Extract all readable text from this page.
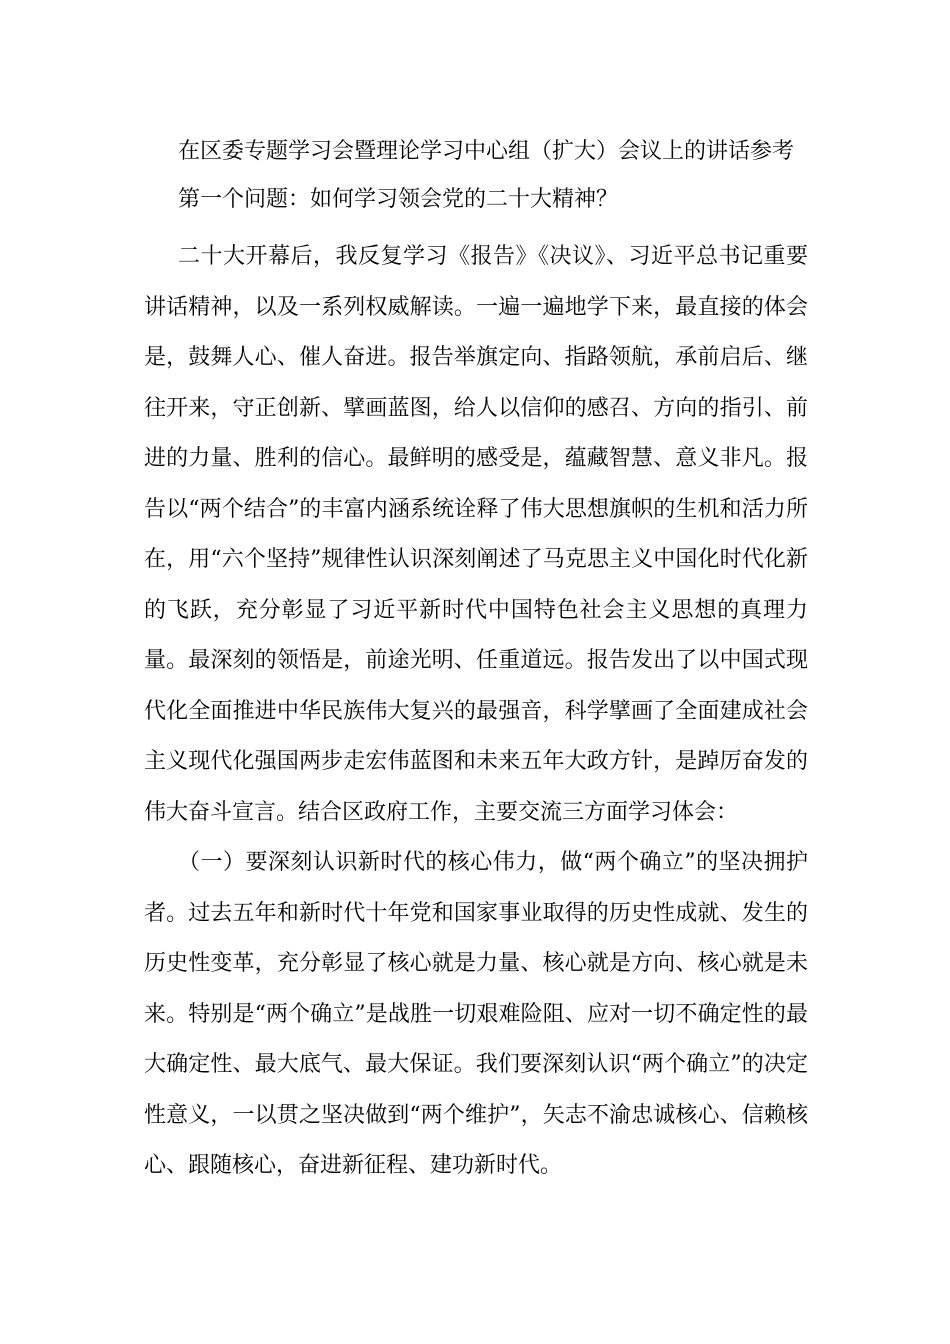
在区委专题学习会暨理论学习中心组（扩大）会议上的讲话参考

第一个问题：如何学习领会党的二十大精神？

二十大开幕后，我反复学习《报告》《决议》、习近平总书记重要讲话精神，以及一系列权威解读。一遍一遍地学下来，最直接的体会是，鼓舞人心、催人奋进。报告举旗定向、指路领航，承前启后、继往开来，守正创新、擘画蓝图，给人以信仰的感召、方向的指引、前进的力量、胜利的信心。最鲜明的感受是，蕴藏智慧、意义非凡。报告以“两个结合”的丰富内涵系统诠释了伟大思想旗帜的生机和活力所在，用“六个坚持”规律性认识深刻阐述了马克思主义中国化时代化新的飞跃，充分彰显了习近平新时代中国特色社会主义思想的真理力量。最深刻的领悟是，前途光明、任重道远。报告发出了以中国式现代化全面推进中华民族伟大复兴的最强音，科学擘画了全面建成社会主义现代化强国两步走宏伟蓝图和未来五年大政方针，是踔厉奋发的伟大奋斗宣言。结合区政府工作，主要交流三方面学习体会：

（一）要深刻认识新时代的核心伟力，做“两个确立”的坚决拥护者。过去五年和新时代十年党和国家事业取得的历史性成就、发生的历史性变革，充分彰显了核心就是力量、核心就是方向、核心就是未来。特别是“两个确立”是战胜一切艰难险阻、应对一切不确定性的最大确定性、最大底气、最大保证。我们要深刻认识“两个确立”的决定性意义，一以贯之坚决做到“两个维护”，矢志不渝忠诚核心、信赖核心、跟随核心，奋进新征程、建功新时代。
